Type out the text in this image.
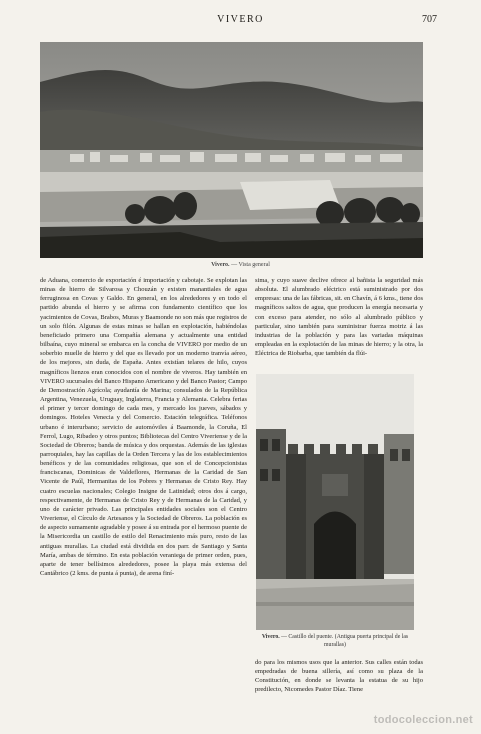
VIVERO	707
Vivero. — Vista general
de Aduana, comercio de exportación é importación y cabotaje. Se explotan las minas de hierro de Silvarosa y Chouzán y existen manantiales de agua ferruginosa en Covas y Galdo. En general, en los alrededores y en todo el partido abunda el hierro y se afirma con fundamento científico que los yacimientos de Covas, Brabos, Muras y Baamonde no son más que registros de un solo filón. Algunas de estas minas se hallan en explotación, habiéndolas beneficiado primero una Compañía alemana y actualmente una entidad bilbaína, cuyo mineral se embarca en la concha de VIVERO por medio de un soberbio muelle de hierro y del que es llevado por un moderno tranvía aéreo, de los mejores, sin duda, de España. Antes existían telares de hilo, cuyos magníficos lienzos eran conocidos con el nombre de viveros. Hay también en VIVERO sucursales del Banco Hispano Americano y del Banco Pastor; Campo de Demostración Agrícola; ayudantía de Marina; consulados de la República Argentina, Venezuela, Uruguay, Inglaterra, Francia y Alemania. Celebra ferias el primer y tercer domingo de cada mes, y mercado los jueves, sábados y domingos. Hoteles Venecia y del Comercio. Estación telegráfica. Teléfonos urbano é interurbano; servicio de automóviles á Baamonde, la Coruña, El Ferrol, Lugo, Ribadeo y otros puntos; Bibliotecas del Centro Viveriense y de la Sociedad de Obreros; banda de música y dos orquestas. Además de las iglesias parroquiales, hay las capillas de la Orden Tercera y las de los establecimientos benéficos y de las comunidades religiosas, que son el de Concepcionistas franciscanas, Dominicas de Valdeflores, Hermanas de la Caridad de San Vicente de Paúl, Hermanitas de los Pobres y Hermanas de Cristo Rey. Hay cuatro escuelas nacionales; Colegio Insigne de Latinidad; otros dos á cargo, respectivamente, de Hermanas de Cristo Rey y de Hermanas de la Caridad, y uno de carácter privado. Las principales entidades sociales son el Centro Viveriense, el Círculo de Artesanos y la Sociedad de Obreros. La población es de aspecto sumamente agradable y posee á su entrada por el hermoso puente de la Misericordia un castillo de estilo del Renacimiento más puro, resto de las antiguas murallas. La ciudad está dividida en dos parr. de Santiago y Santa María, ambas de término. En esta población veraniega de primer orden, pues, aparte de tener bellísimos alrededores, posee la playa más extensa del Cantábrico (2 kms. de punta á punta), de arena finí-
sima, y cuyo suave declive ofrece al bañista la seguridad más absoluta. El alumbrado eléctrico está suministrado por dos empresas: una de las fábricas, sit. en Chavín, á 6 kms., tiene dos magníficos saltos de agua, que producen la energía necesaria y con exceso para atender, no sólo al alumbrado público y particular, sino también para suministrar fuerza motriz á las industrias de la población y para las variadas máquinas empleadas en la explotación de las minas de hierro; y la otra, la Eléctrica de Riobarba, que también da flúi-
Vivero. — Castillo del puente. (Antigua puerta principal de las murallas)
do para los mismos usos que la anterior. Sus calles están todas empedradas de buena sillería, así como su plaza de la Constitución, en donde se levanta la estatua de su hijo predilecto, Nicomedes Pastor Díaz. Tiene
todocoleccion.net
